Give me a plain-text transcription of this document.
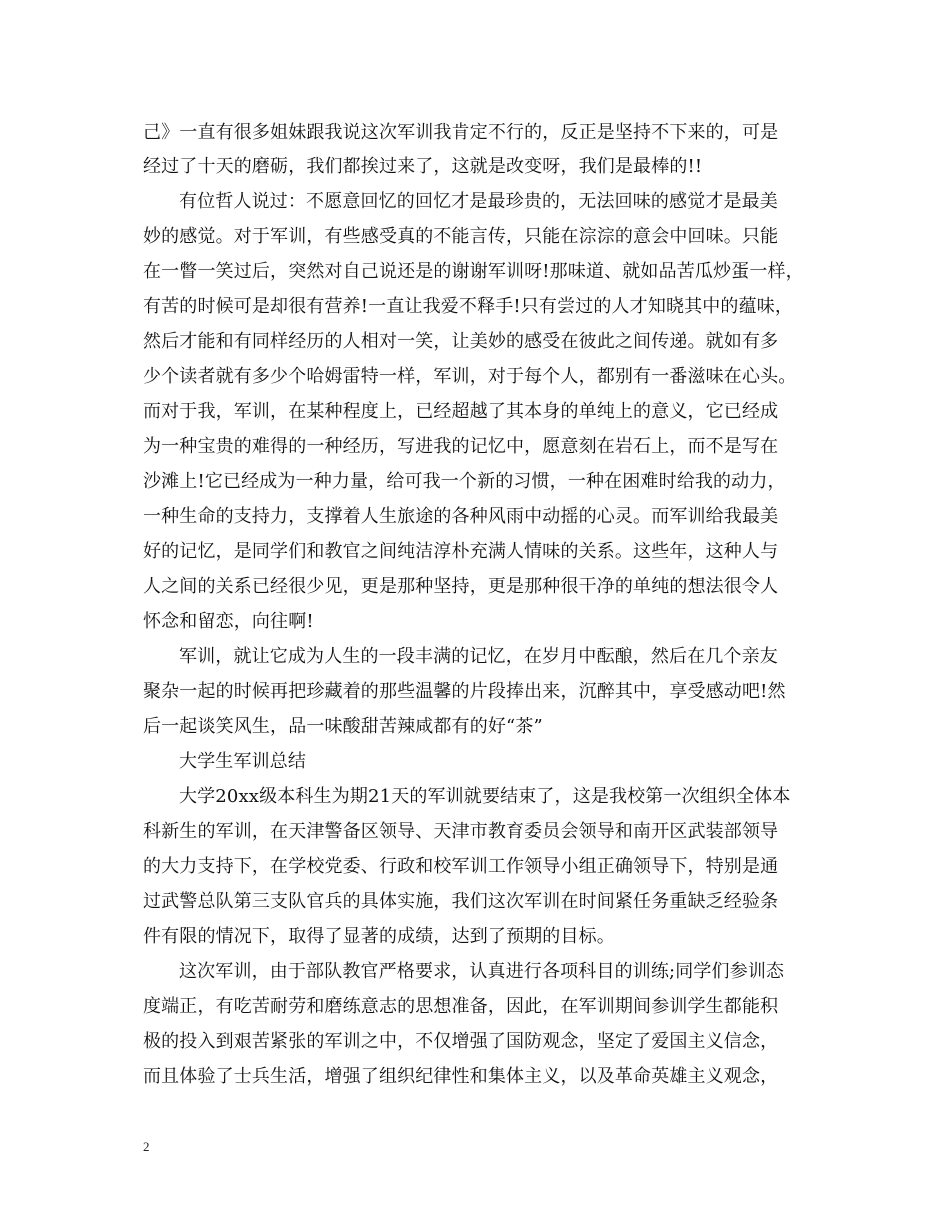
己》一直有很多姐妹跟我说这次军训我肯定不行的，反正是坚持不下来的，可是
经过了十天的磨砺，我们都挨过来了，这就是改变呀，我们是最棒的!!
有位哲人说过：不愿意回忆的回忆才是最珍贵的，无法回味的感觉才是最美
妙的感觉。对于军训，有些感受真的不能言传，只能在淙淙的意会中回味。只能
在一瞥一笑过后，突然对自己说还是的谢谢军训呀!那味道、就如品苦瓜炒蛋一样，
有苦的时候可是却很有营养!一直让我爱不释手!只有尝过的人才知晓其中的蕴味，
然后才能和有同样经历的人相对一笑，让美妙的感受在彼此之间传递。就如有多
少个读者就有多少个哈姆雷特一样，军训，对于每个人，都别有一番滋味在心头。
而对于我，军训，在某种程度上，已经超越了其本身的单纯上的意义，它已经成
为一种宝贵的难得的一种经历，写进我的记忆中，愿意刻在岩石上，而不是写在
沙滩上!它已经成为一种力量，给可我一个新的习惯，一种在困难时给我的动力，
一种生命的支持力，支撑着人生旅途的各种风雨中动摇的心灵。而军训给我最美
好的记忆，是同学们和教官之间纯洁淳朴充满人情味的关系。这些年，这种人与
人之间的关系已经很少见，更是那种坚持，更是那种很干净的单纯的想法很令人
怀念和留恋，向往啊!
军训，就让它成为人生的一段丰满的记忆，在岁月中酝酿，然后在几个亲友
聚杂一起的时候再把珍藏着的那些温馨的片段捧出来，沉醉其中，享受感动吧!然
后一起谈笑风生，品一味酸甜苦辣咸都有的好“茶”
大学生军训总结
大学20xx级本科生为期21天的军训就要结束了，这是我校第一次组织全体本
科新生的军训，在天津警备区领导、天津市教育委员会领导和南开区武装部领导
的大力支持下，在学校党委、行政和校军训工作领导小组正确领导下，特别是通
过武警总队第三支队官兵的具体实施，我们这次军训在时间紧任务重缺乏经验条
件有限的情况下，取得了显著的成绩，达到了预期的目标。
这次军训，由于部队教官严格要求，认真进行各项科目的训练;同学们参训态
度端正，有吃苦耐劳和磨练意志的思想准备，因此，在军训期间参训学生都能积
极的投入到艰苦紧张的军训之中，不仅增强了国防观念，坚定了爱国主义信念，
而且体验了士兵生活，增强了组织纪律性和集体主义，以及革命英雄主义观念，
2
